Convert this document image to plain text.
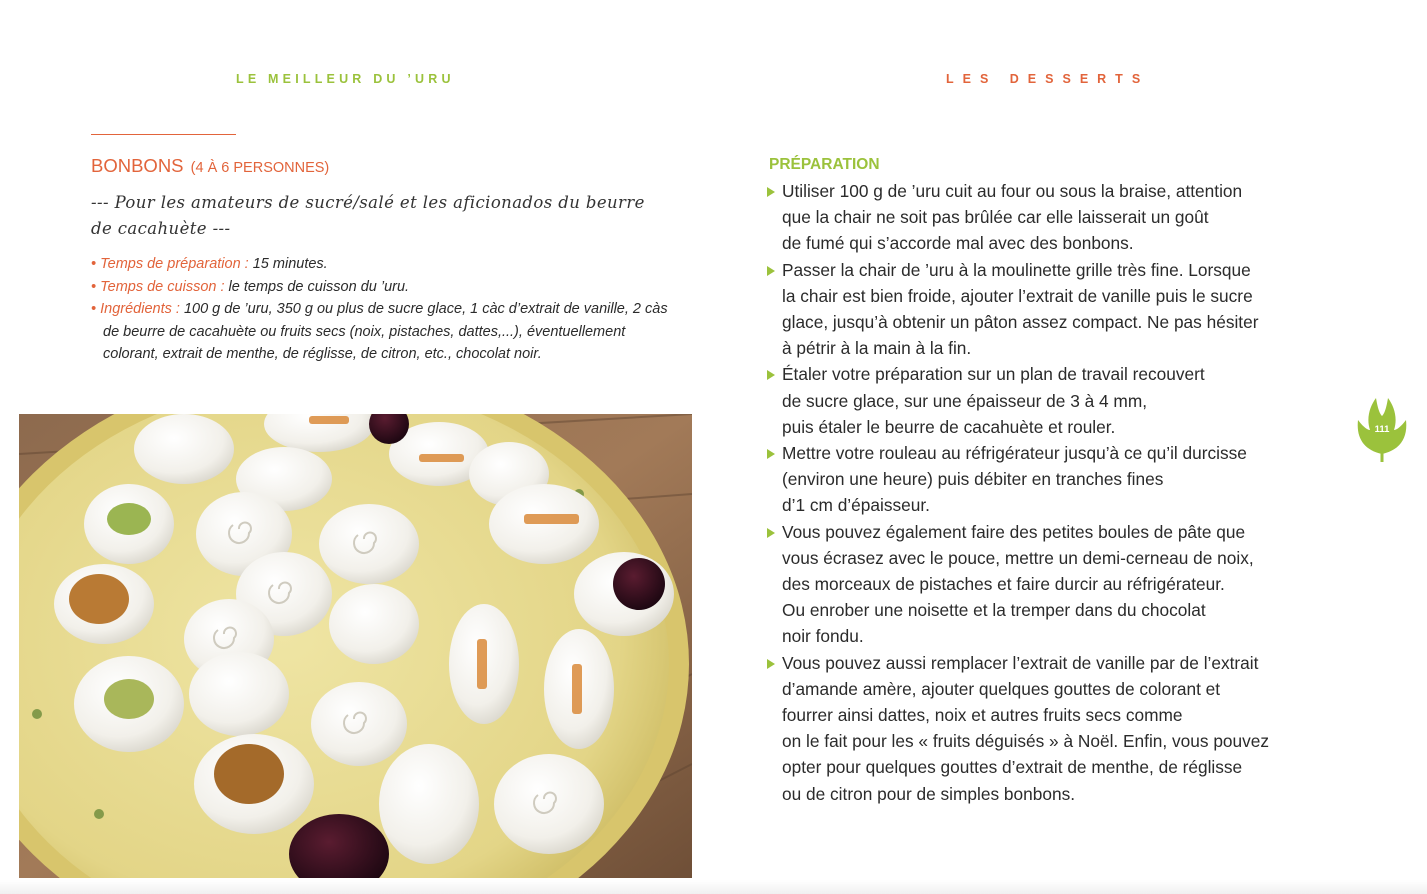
LE MEILLEUR DU ’URU	LES DESSERTS
BONBONS (4 À 6 PERSONNES)
--- Pour les amateurs de sucré/salé et les aficionados du beurre de cacahuète ---
• Temps de préparation : 15 minutes.
• Temps de cuisson : le temps de cuisson du ’uru.
• Ingrédients : 100 g de ’uru, 350 g ou plus de sucre glace, 1 càc d’extrait de vanille, 2 càs de beurre de cacahuète ou fruits secs (noix, pistaches, dattes,...), éventuellement colorant, extrait de menthe, de réglisse, de citron, etc., chocolat noir.
PRÉPARATION
Utiliser 100 g de ’uru cuit au four ou sous la braise, attention
que la chair ne soit pas brûlée car elle laisserait un goût
de fumé qui s’accorde mal avec des bonbons.
Passer la chair de ’uru à la moulinette grille très fine. Lorsque
la chair est bien froide, ajouter l’extrait de vanille puis le sucre
glace, jusqu’à obtenir un pâton assez compact. Ne pas hésiter
à pétrir à la main à la fin.
Étaler votre préparation sur un plan de travail recouvert
de sucre glace, sur une épaisseur de 3 à 4 mm,
puis étaler le beurre de cacahuète et rouler.
Mettre votre rouleau au réfrigérateur jusqu’à ce qu’il durcisse
(environ une heure) puis débiter en tranches fines
d’1 cm d’épaisseur.
Vous pouvez également faire des petites boules de pâte que
vous écrasez avec le pouce, mettre un demi-cerneau de noix,
des morceaux de pistaches et faire durcir au réfrigérateur.
Ou enrober une noisette et la tremper dans du chocolat
noir fondu.
Vous pouvez aussi remplacer l’extrait de vanille par de l’extrait
d’amande amère, ajouter quelques gouttes de colorant et
fourrer ainsi dattes, noix et autres fruits secs comme
on le fait pour les « fruits déguisés » à Noël. Enfin, vous pouvez
opter pour quelques gouttes d’extrait de menthe, de réglisse
ou de citron pour de simples bonbons.
111
